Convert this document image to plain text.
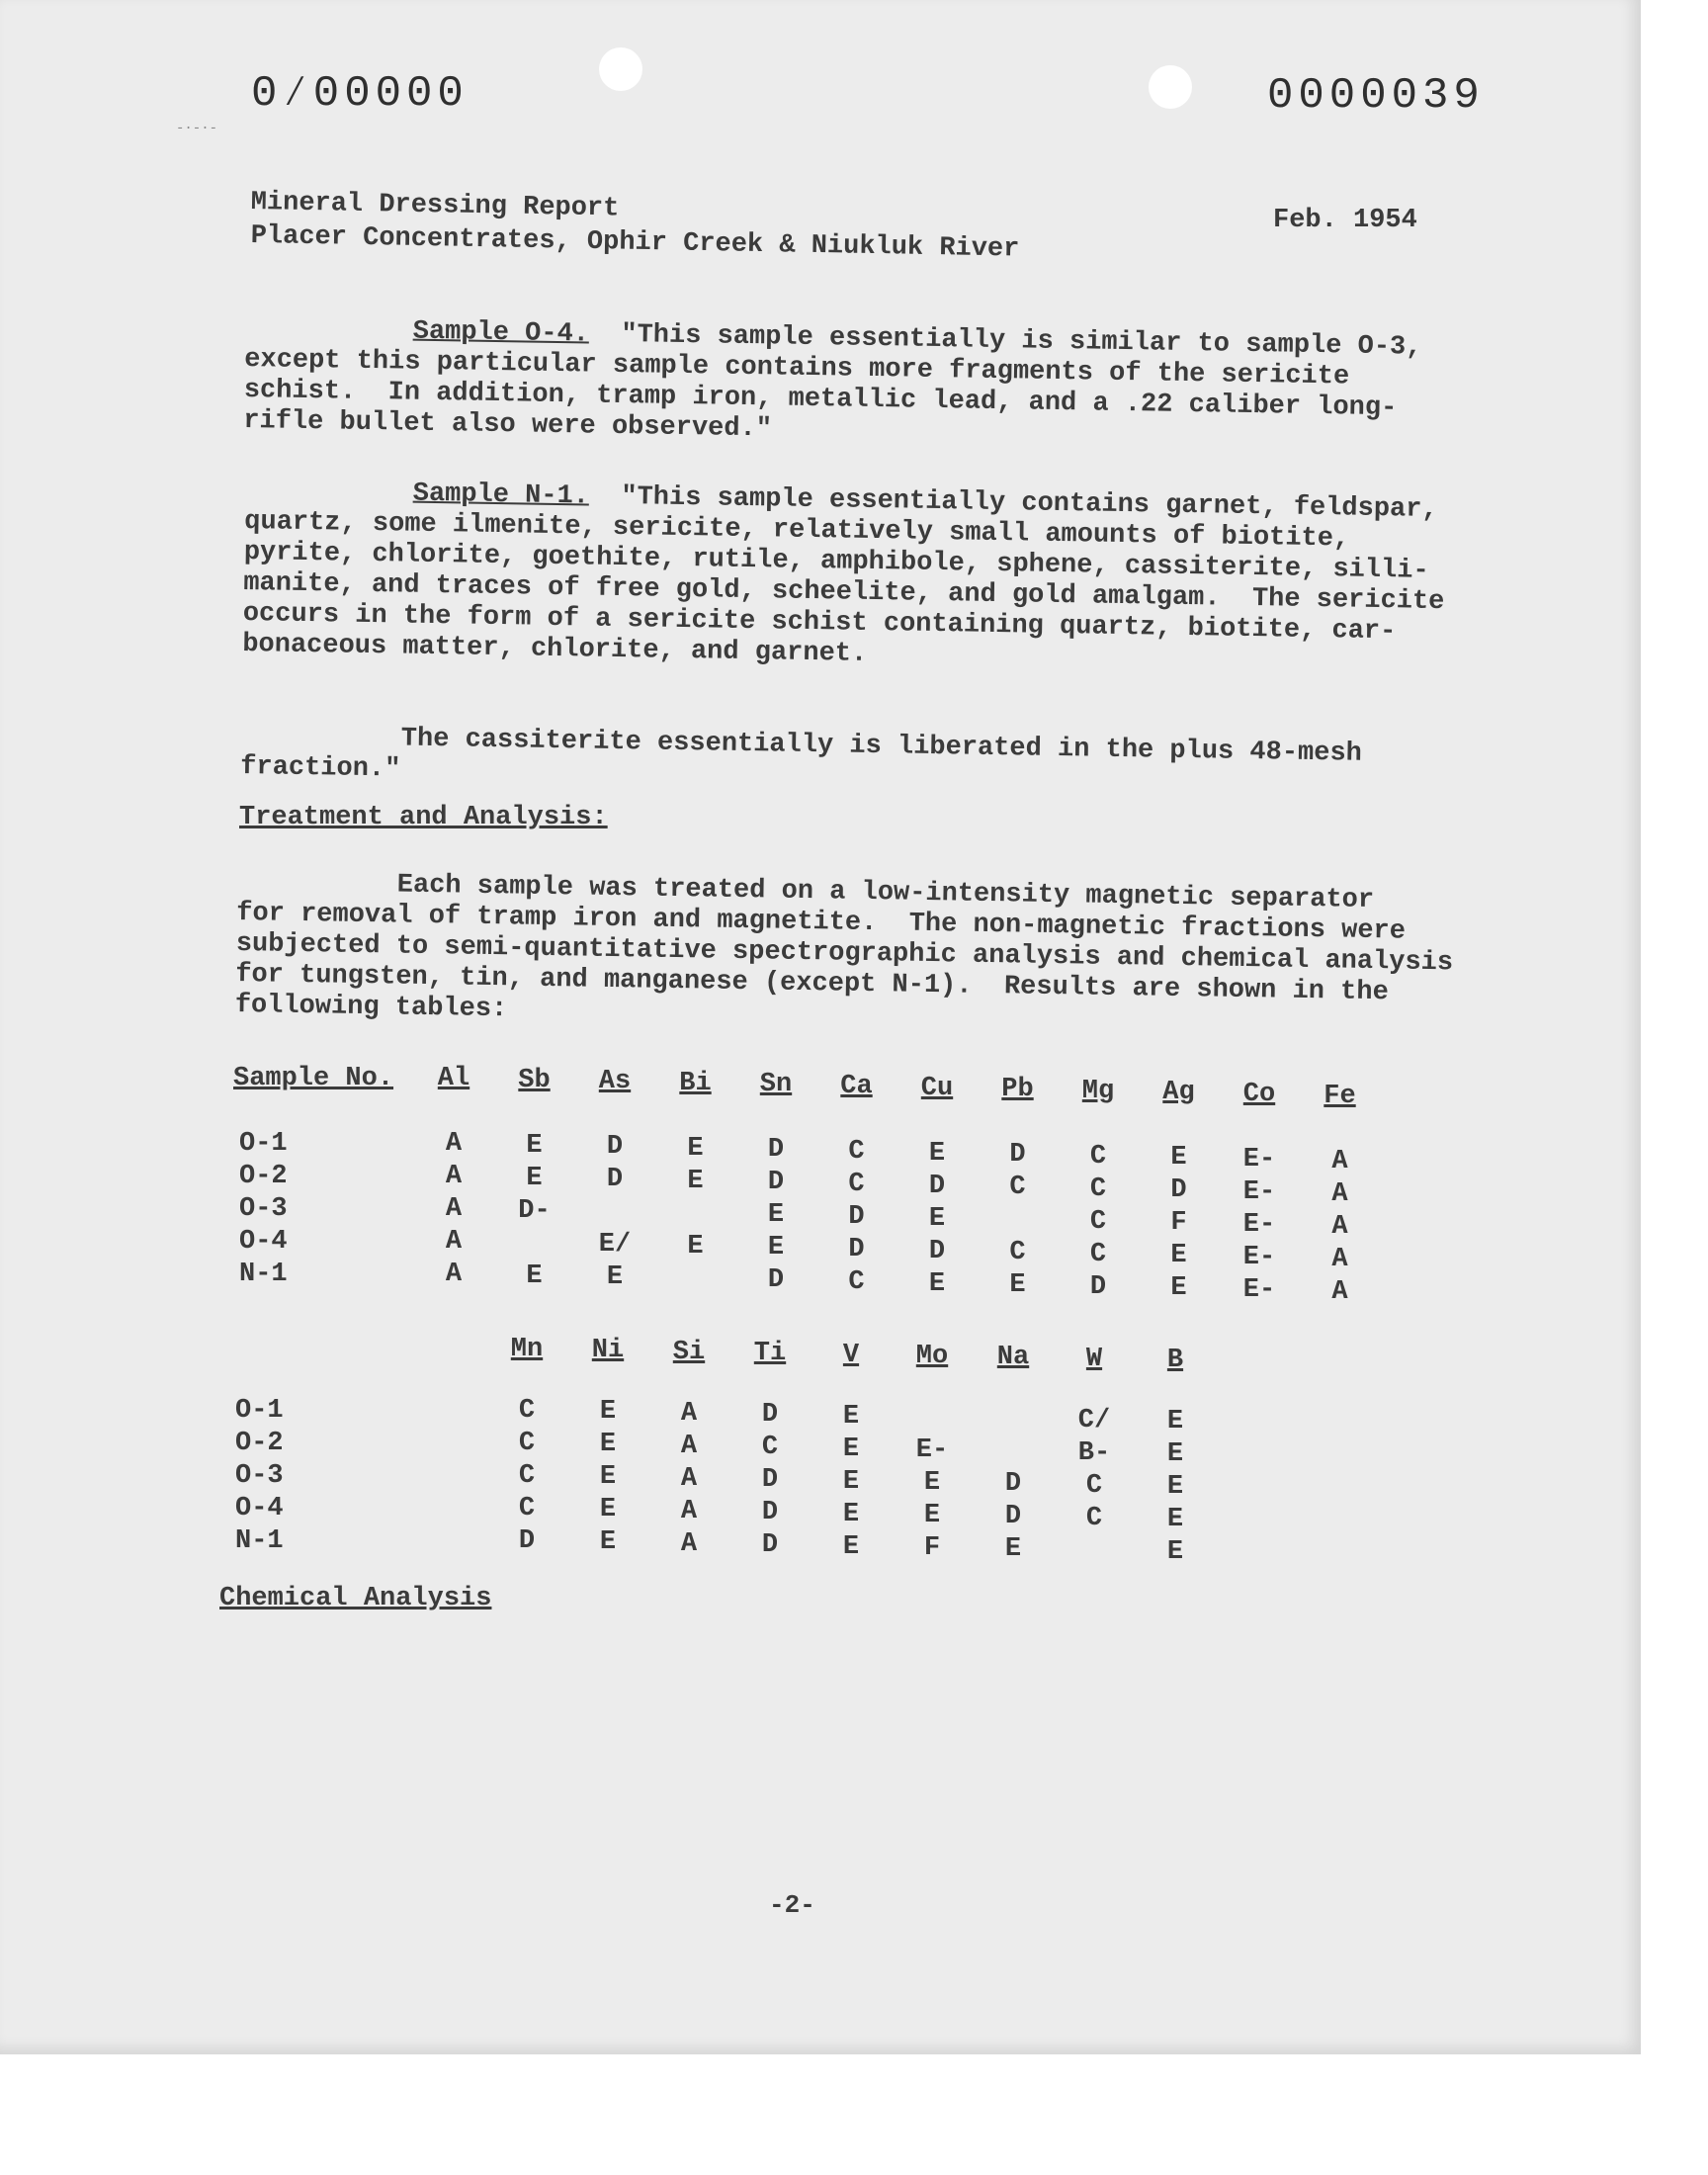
0⁄00000	0000039
-·-·-
Mineral Dressing Report
Placer Concentrates, Ophir Creek & Niukluk River
Feb. 1954
Sample O-4.  "This sample essentially is similar to sample O-3,
except this particular sample contains more fragments of the sericite
schist.  In addition, tramp iron, metallic lead, and a .22 caliber long-
rifle bullet also were observed."
Sample N-1.  "This sample essentially contains garnet, feldspar,
quartz, some ilmenite, sericite, relatively small amounts of biotite,
pyrite, chlorite, goethite, rutile, amphibole, sphene, cassiterite, silli-
manite, and traces of free gold, scheelite, and gold amalgam.  The sericite
occurs in the form of a sericite schist containing quartz, biotite, car-
bonaceous matter, chlorite, and garnet.
The cassiterite essentially is liberated in the plus 48-mesh
fraction."
Treatment and Analysis:
Each sample was treated on a low-intensity magnetic separator
for removal of tramp iron and magnetite.  The non-magnetic fractions were
subjected to semi-quantitative spectrographic analysis and chemical analysis
for tungsten, tin, and manganese (except N-1).  Results are shown in the
following tables:
Sample No.
O-1
O-2
O-3
O-4
N-1
Al
A
A
A
A
A
Sb
E
E
D-
E
As
D
D
E/
E
Bi
E
E
E
Sn
D
D
E
E
D
Ca
C
C
D
D
C
Cu
E
D
E
D
E
Pb
D
C
C
E
Mg
C
C
C
C
D
Ag
E
D
F
E
E
Co
E-
E-
E-
E-
E-
Fe
A
A
A
A
A
O-1
O-2
O-3
O-4
N-1
Mn
C
C
C
C
D
Ni
E
E
E
E
E
Si
A
A
A
A
A
Ti
D
C
D
D
D
V
E
E
E
E
E
Mo
E-
E
E
F
Na
D
D
E
W
C/
B-
C
C
B
E
E
E
E
E
Chemical Analysis
-2-
